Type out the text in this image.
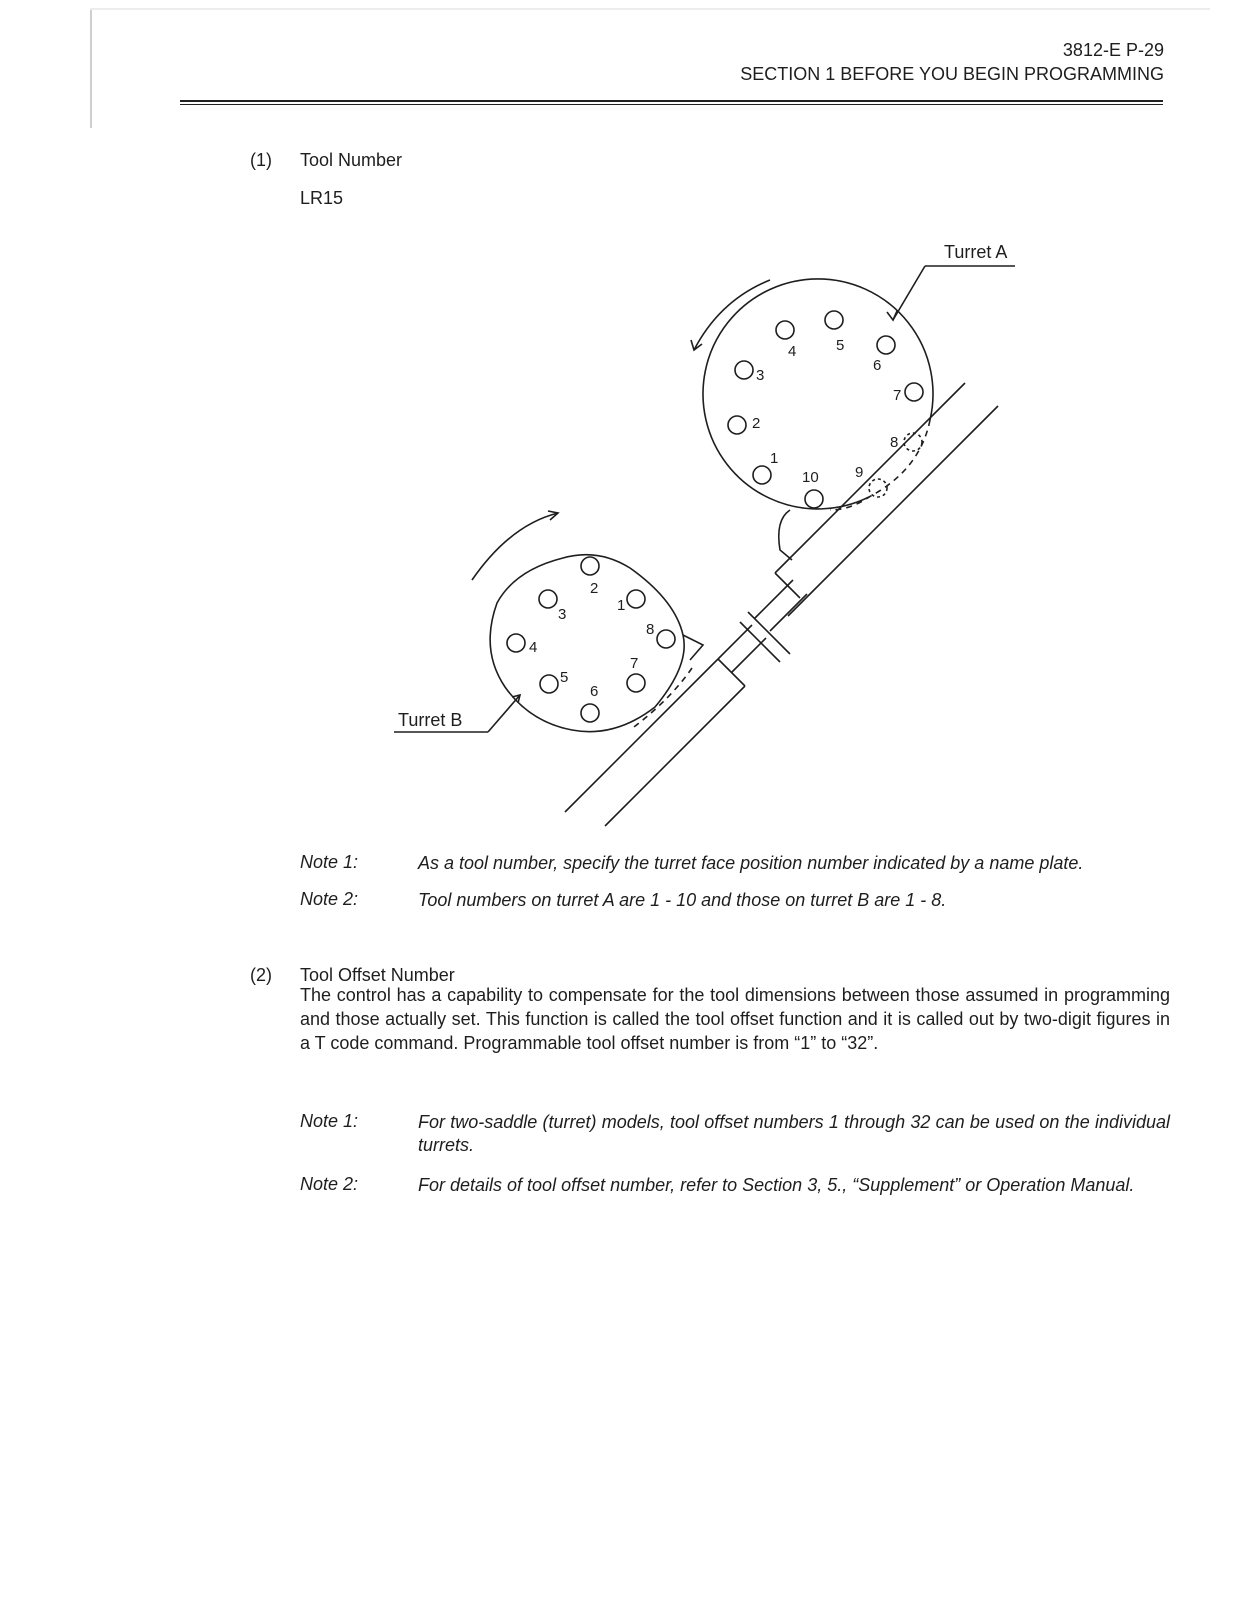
3812-E P-29
SECTION 1 BEFORE YOU BEGIN PROGRAMMING
(1) Tool Number
LR15
4	5
6
3
7
2
8
1
9
10
2
3
1
4
8
5
7
6
Turret A
Turret B
Note 1:	As a tool number, specify the turret face position number indicated by a name plate.
Note 2:	Tool numbers on turret A are 1 - 10 and those on turret B are 1 - 8.
(2) Tool Offset Number
The control has a capability to compensate for the tool dimensions between those assumed in programming and those actually set. This function is called the tool offset function and it is called out by two-digit figures in a T code command. Programmable tool offset number is from “1” to “32”.
Note 1:	For two-saddle (turret) models, tool offset numbers 1 through 32 can be used on the individual turrets.
Note 2:	For details of tool offset number, refer to Section 3, 5., “Supplement” or Operation Manual.
